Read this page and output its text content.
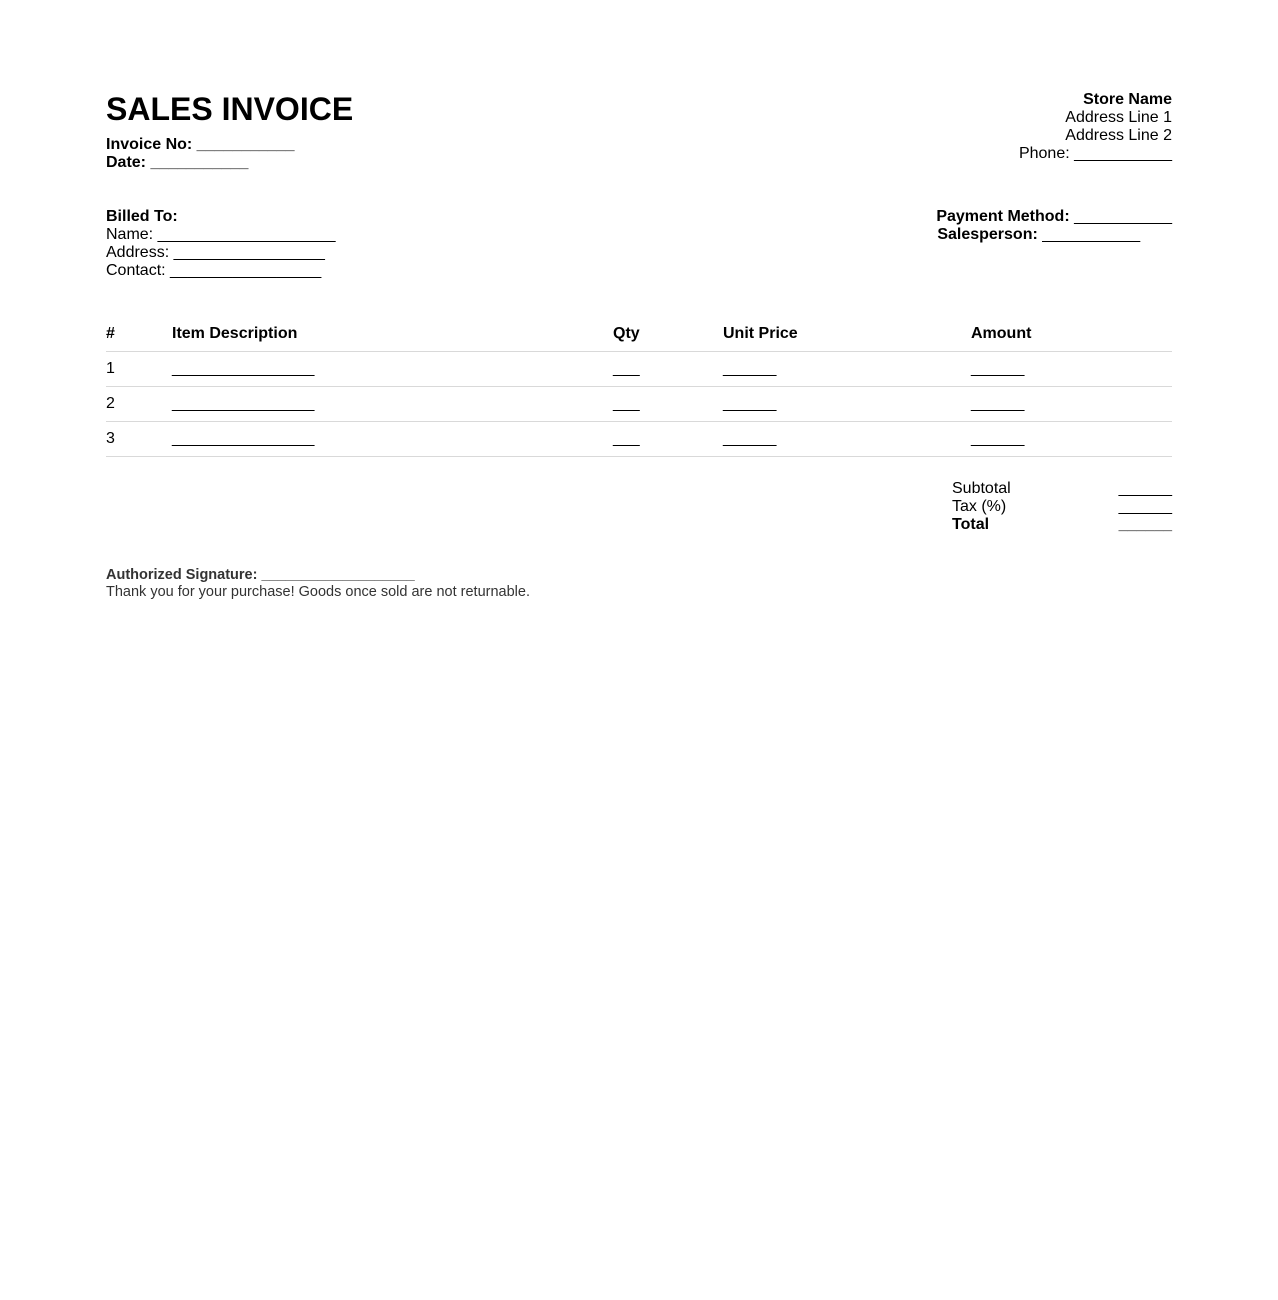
SALES INVOICE
Invoice No: ___________
Date: ___________
Store Name
Address Line 1
Address Line 2
Phone: ___________
Billed To:
Name: ____________________
Address: _________________
Contact: _________________
Payment Method: ___________
Salesperson: ___________
#	Item Description	Qty	Unit Price	Amount
1	________________	___	______	______
2	________________	___	______	______
3	________________	___	______	______
Subtotal	______
Tax (%)	______
Total	______
Authorized Signature: ___________________
Thank you for your purchase! Goods once sold are not returnable.
